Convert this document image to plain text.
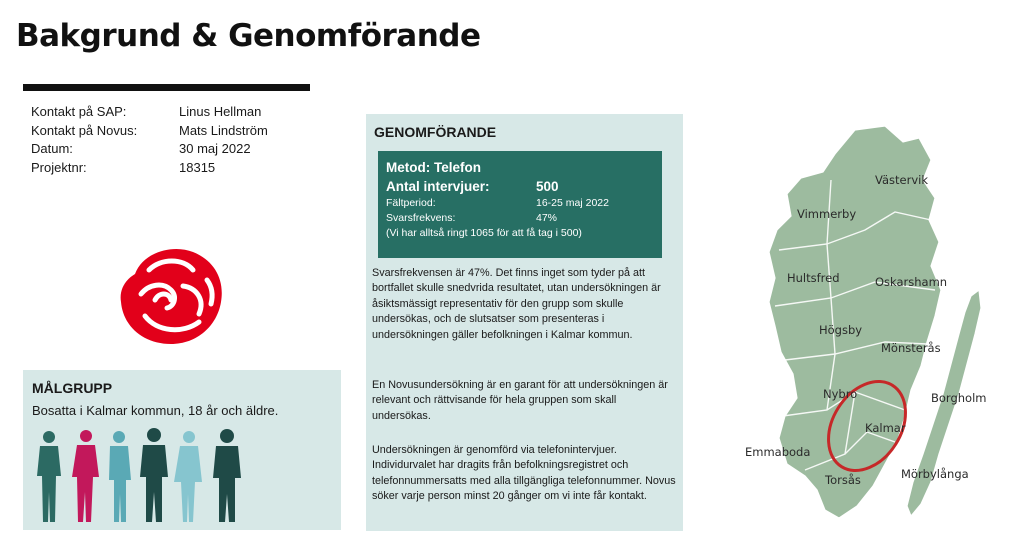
Bakgrund & Genomförande
Kontakt på SAP:	Linus Hellman
Kontakt på Novus:	Mats Lindström
Datum:	30 maj 2022
Projektnr:	18315
MÅLGRUPP
Bosatta i Kalmar kommun, 18 år och äldre.
GENOMFÖRANDE
Metod: Telefon
Antal intervjuer:	500
Fältperiod:	16-25 maj 2022
Svarsfrekvens:	47%
(Vi har alltså ringt 1065 för att få tag i 500)
Svarsfrekvensen är 47%. Det finns inget som tyder på att bortfallet skulle snedvrida resultatet, utan undersökningen är åsiktsmässigt representativ för den grupp som skulle undersökas, och de slutsatser som presenteras i undersökningen gäller befolkningen i Kalmar kommun.
En Novusundersökning är en garant för att undersökningen är relevant och rättvisande för hela gruppen som skall undersökas.
Undersökningen är genomförd via telefonintervjuer. Individurvalet har dragits från befolkningsregistret och telefonnummersatts med alla tillgängliga telefonnummer. Novus söker varje person minst 20 gånger om vi inte får kontakt.
Västervik
Vimmerby
Hultsfred	Oskarshamn
Högsby
Mönsterås
Nybro	Borgholm
Kalmar
Emmaboda
Torsås	Mörbylånga
